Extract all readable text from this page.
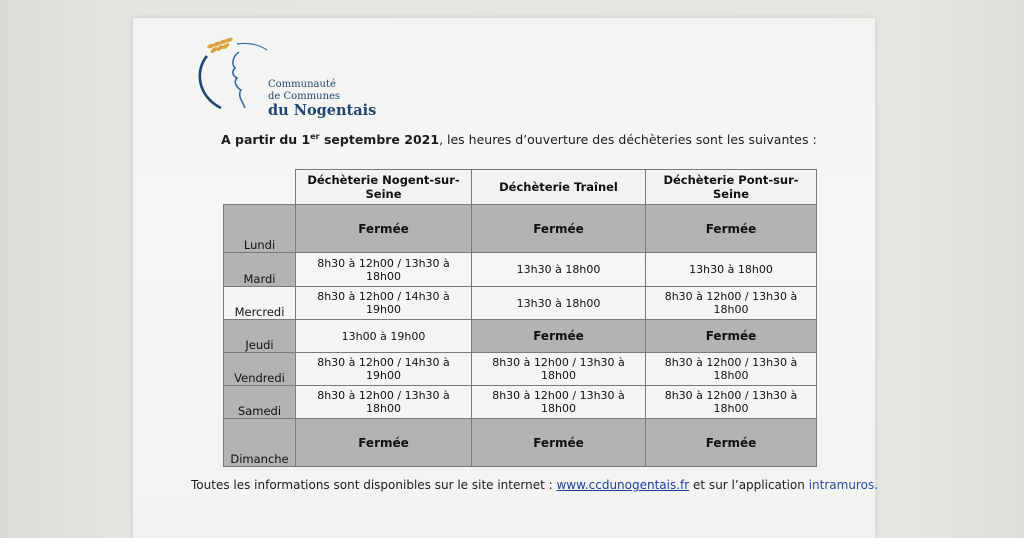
Communauté
de Communes
du Nogentais
A partir du 1er septembre 2021, les heures d’ouverture des déchèteries sont les suivantes :
	Déchèterie Nogent-sur-Seine	Déchèterie Traînel	Déchèterie Pont-sur-Seine
Lundi	Fermée	Fermée	Fermée
Mardi	8h30 à 12h00 / 13h30 à 18h00	13h30 à 18h00	13h30 à 18h00
Mercredi	8h30 à 12h00 / 14h30 à 19h00	13h30 à 18h00	8h30 à 12h00 / 13h30 à 18h00
Jeudi	13h00 à 19h00	Fermée	Fermée
Vendredi	8h30 à 12h00 / 14h30 à 19h00	8h30 à 12h00 / 13h30 à 18h00	8h30 à 12h00 / 13h30 à 18h00
Samedi	8h30 à 12h00 / 13h30 à 18h00	8h30 à 12h00 / 13h30 à 18h00	8h30 à 12h00 / 13h30 à 18h00
Dimanche	Fermée	Fermée	Fermée
Toutes les informations sont disponibles sur le site internet : www.ccdunogentais.fr et sur l’application intramuros.
